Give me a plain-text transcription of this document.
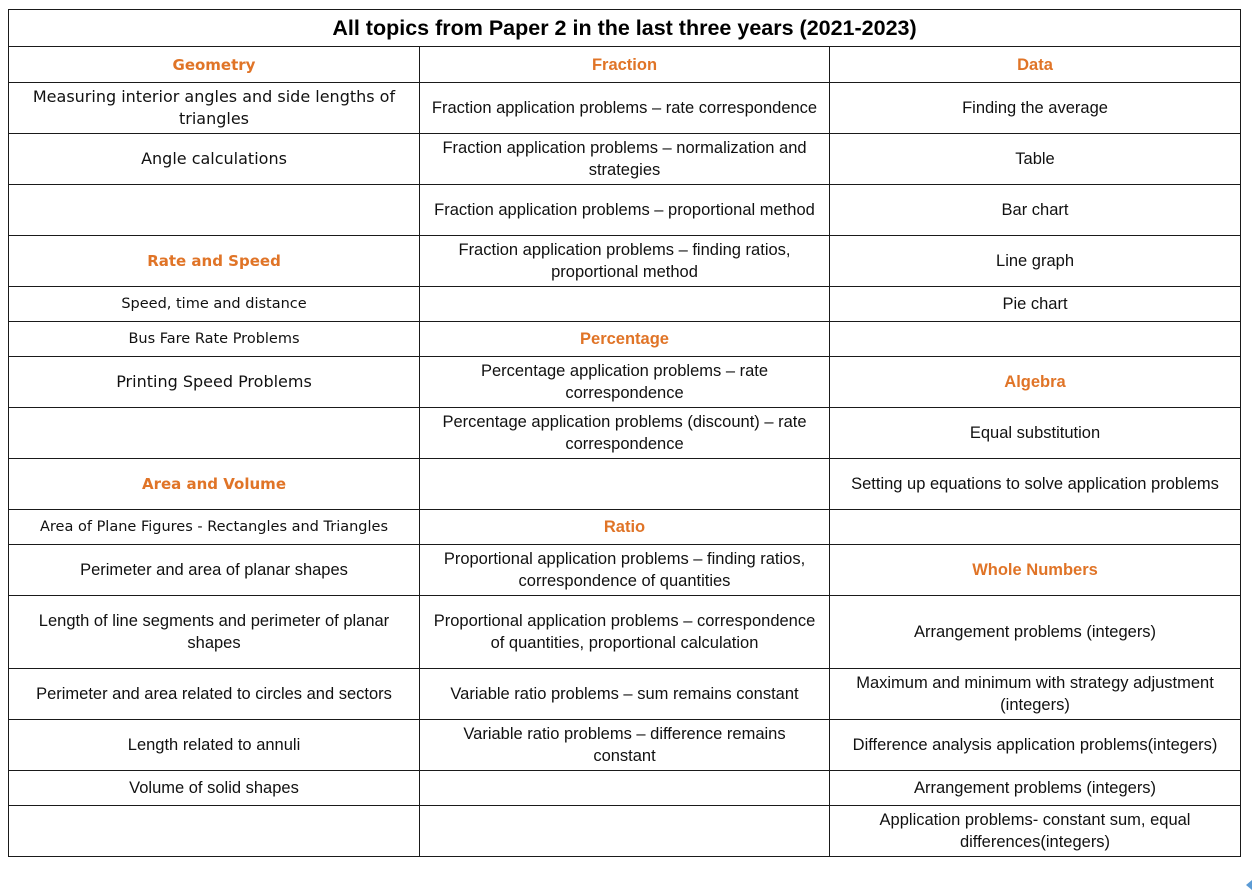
All topics from Paper 2 in the last three years (2021-2023)		
Geometry	Fraction	Data
Measuring interior angles and side lengths of triangles	Fraction application problems – rate correspondence	Finding the average
Angle calculations	Fraction application problems – normalization and strategies	Table
	Fraction application problems – proportional method	Bar chart
Rate and Speed	Fraction application problems – finding ratios, proportional method	Line graph
Speed, time and distance		Pie chart
Bus Fare Rate Problems	Percentage	
Printing Speed Problems	Percentage application problems – rate correspondence	Algebra
	Percentage application problems (discount) – rate correspondence	Equal substitution
Area and Volume		Setting up equations to solve application problems
Area of Plane Figures - Rectangles and Triangles	Ratio	
Perimeter and area of planar shapes	Proportional application problems – finding ratios, correspondence of quantities	Whole Numbers
Length of line segments and perimeter of planar shapes	Proportional application problems – correspondence of quantities, proportional calculation	Arrangement problems (integers)
Perimeter and area related to circles and sectors	Variable ratio problems – sum remains constant	Maximum and minimum with strategy adjustment (integers)
Length related to annuli	Variable ratio problems – difference remains constant	Difference analysis application problems(integers)
Volume of solid shapes		Arrangement problems (integers)
		Application problems- constant sum, equal differences(integers)
